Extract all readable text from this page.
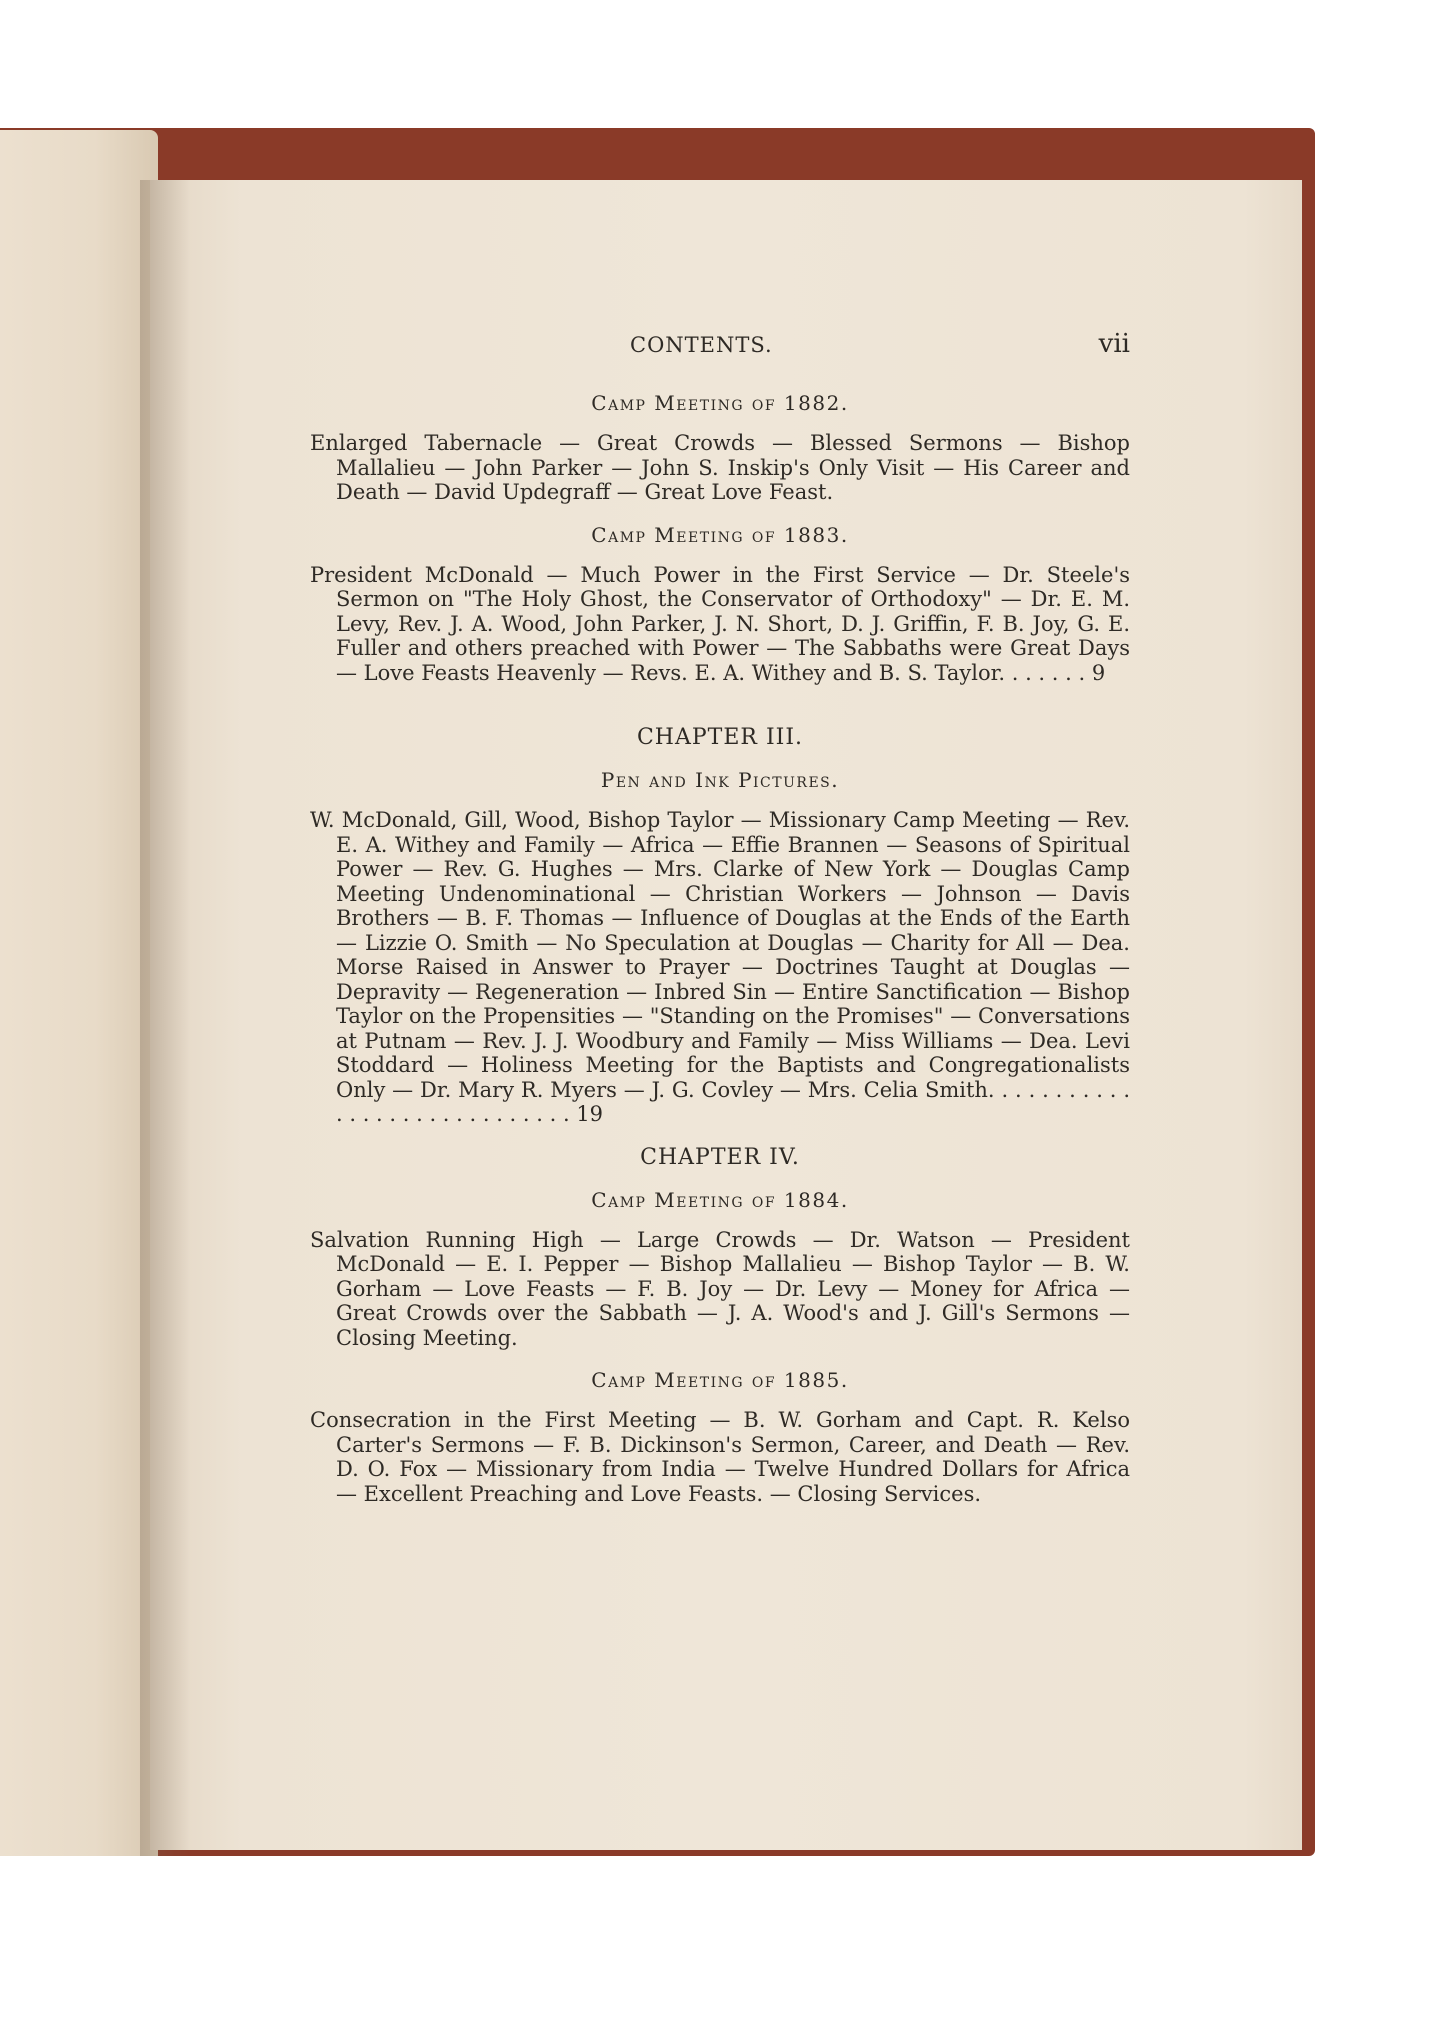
CONTENTS.	vii
Camp Meeting of 1882.
Enlarged Tabernacle — Great Crowds — Blessed Sermons — Bishop Mallalieu — John Parker — John S. Inskip's Only Visit — His Career and Death — David Updegraff — Great Love Feast.
Camp Meeting of 1883.
President McDonald — Much Power in the First Service — Dr. Steele's Sermon on "The Holy Ghost, the Conservator of Orthodoxy" — Dr. E. M. Levy, Rev. J. A. Wood, John Parker, J. N. Short, D. J. Griffin, F. B. Joy, G. E. Fuller and others preached with Power — The Sabbaths were Great Days — Love Feasts Heavenly — Revs. E. A. Withey and B. S. Taylor. . . . . . . 9
CHAPTER III.
Pen and Ink Pictures.
W. McDonald, Gill, Wood, Bishop Taylor — Missionary Camp Meeting — Rev. E. A. Withey and Family — Africa — Effie Brannen — Seasons of Spiritual Power — Rev. G. Hughes — Mrs. Clarke of New York — Douglas Camp Meeting Undenominational — Christian Workers — Johnson — Davis Brothers — B. F. Thomas — Influence of Douglas at the Ends of the Earth — Lizzie O. Smith — No Speculation at Douglas — Charity for All — Dea. Morse Raised in Answer to Prayer — Doctrines Taught at Douglas — Depravity — Regeneration — Inbred Sin — Entire Sanctification — Bishop Taylor on the Propensities — "Standing on the Promises" — Conversations at Putnam — Rev. J. J. Woodbury and Family — Miss Williams — Dea. Levi Stoddard — Holiness Meeting for the Baptists and Congregationalists Only — Dr. Mary R. Myers — J. G. Covley — Mrs. Celia Smith. . . . . . . . . . . . . . . . . . . . . . . . . . . . . 19
CHAPTER IV.
Camp Meeting of 1884.
Salvation Running High — Large Crowds — Dr. Watson — President McDonald — E. I. Pepper — Bishop Mallalieu — Bishop Taylor — B. W. Gorham — Love Feasts — F. B. Joy — Dr. Levy — Money for Africa — Great Crowds over the Sabbath — J. A. Wood's and J. Gill's Sermons — Closing Meeting.
Camp Meeting of 1885.
Consecration in the First Meeting — B. W. Gorham and Capt. R. Kelso Carter's Sermons — F. B. Dickinson's Sermon, Career, and Death — Rev. D. O. Fox — Missionary from India — Twelve Hundred Dollars for Africa — Excellent Preaching and Love Feasts. — Closing Services.
